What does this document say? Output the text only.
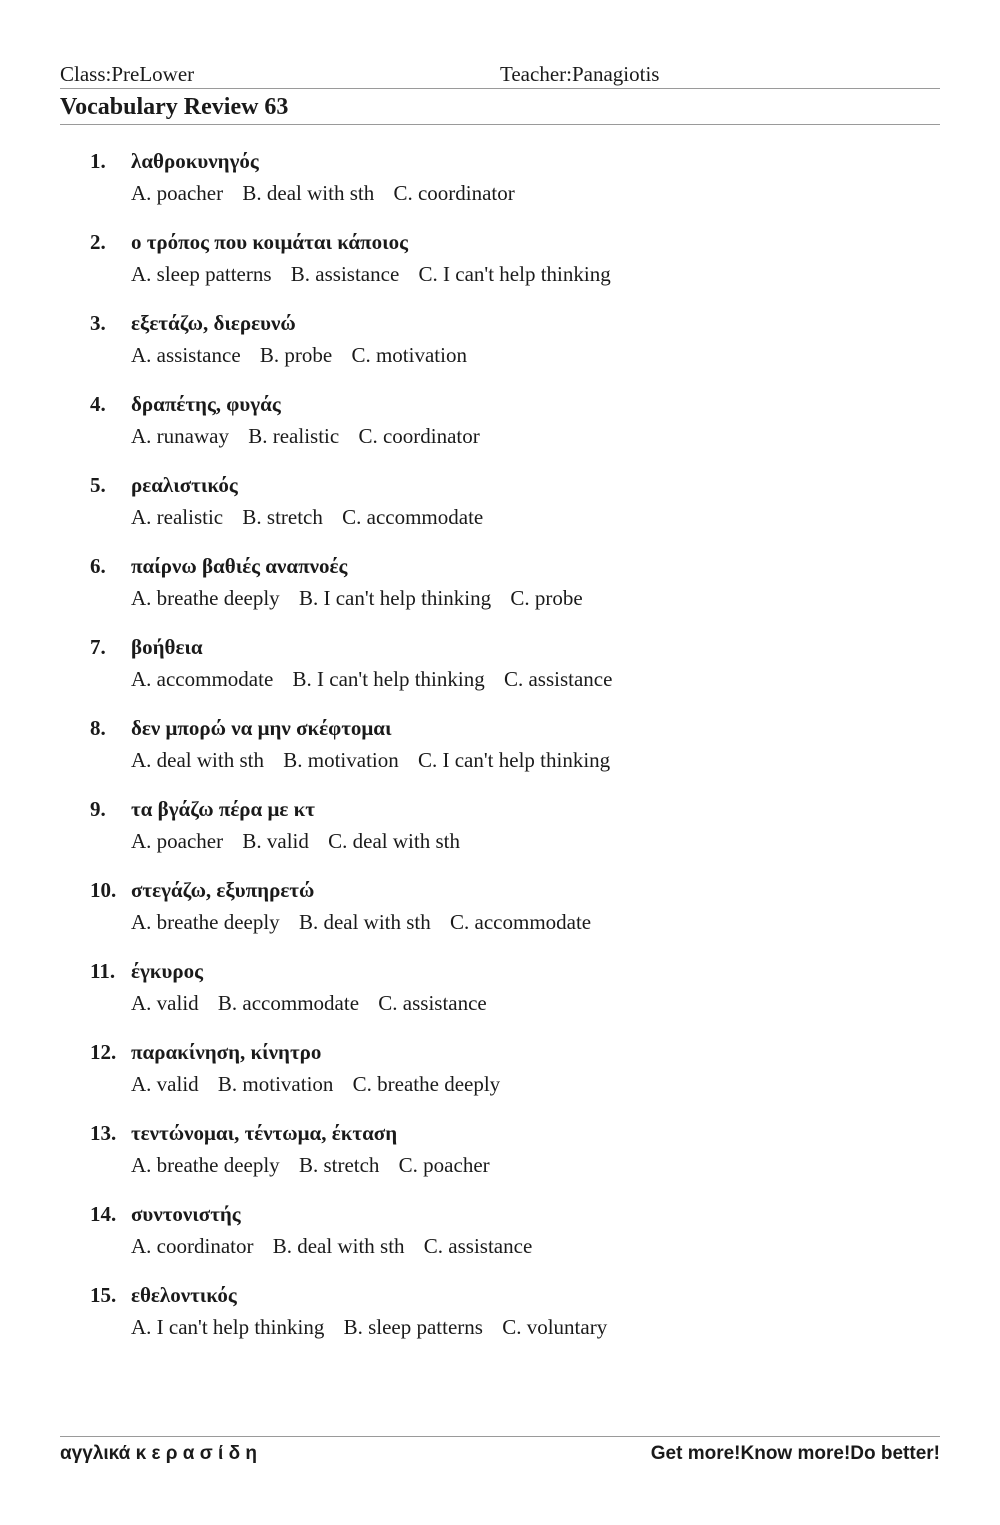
Class:PreLower	Teacher:Panagiotis
Vocabulary Review 63
1.	λαθροκυνηγός
A. poacher B. deal with sth C. coordinator
2.	ο τρόπος που κοιμάται κάποιος
A. sleep patterns B. assistance C. I can't help thinking
3.	εξετάζω, διερευνώ
A. assistance B. probe C. motivation
4.	δραπέτης, φυγάς
A. runaway B. realistic C. coordinator
5.	ρεαλιστικός
A. realistic B. stretch C. accommodate
6.	παίρνω βαθιές αναπνοές
A. breathe deeply B. I can't help thinking C. probe
7.	βοήθεια
A. accommodate B. I can't help thinking C. assistance
8.	δεν μπορώ να μην σκέφτομαι
A. deal with sth B. motivation C. I can't help thinking
9.	τα βγάζω πέρα με κτ
A. poacher B. valid C. deal with sth
10. στεγάζω, εξυπηρετώ
A. breathe deeply B. deal with sth C. accommodate
11. έγκυρος
A. valid B. accommodate C. assistance
12. παρακίνηση, κίνητρο
A. valid B. motivation C. breathe deeply
13. τεντώνομαι, τέντωμα, έκταση
A. breathe deeply B. stretch C. poacher
14. συντονιστής
A. coordinator B. deal with sth C. assistance
15. εθελοντικός
A. I can't help thinking B. sleep patterns C. voluntary
αγγλικά κ ε ρ α σ ί δ η	Get more!Know more!Do better!
